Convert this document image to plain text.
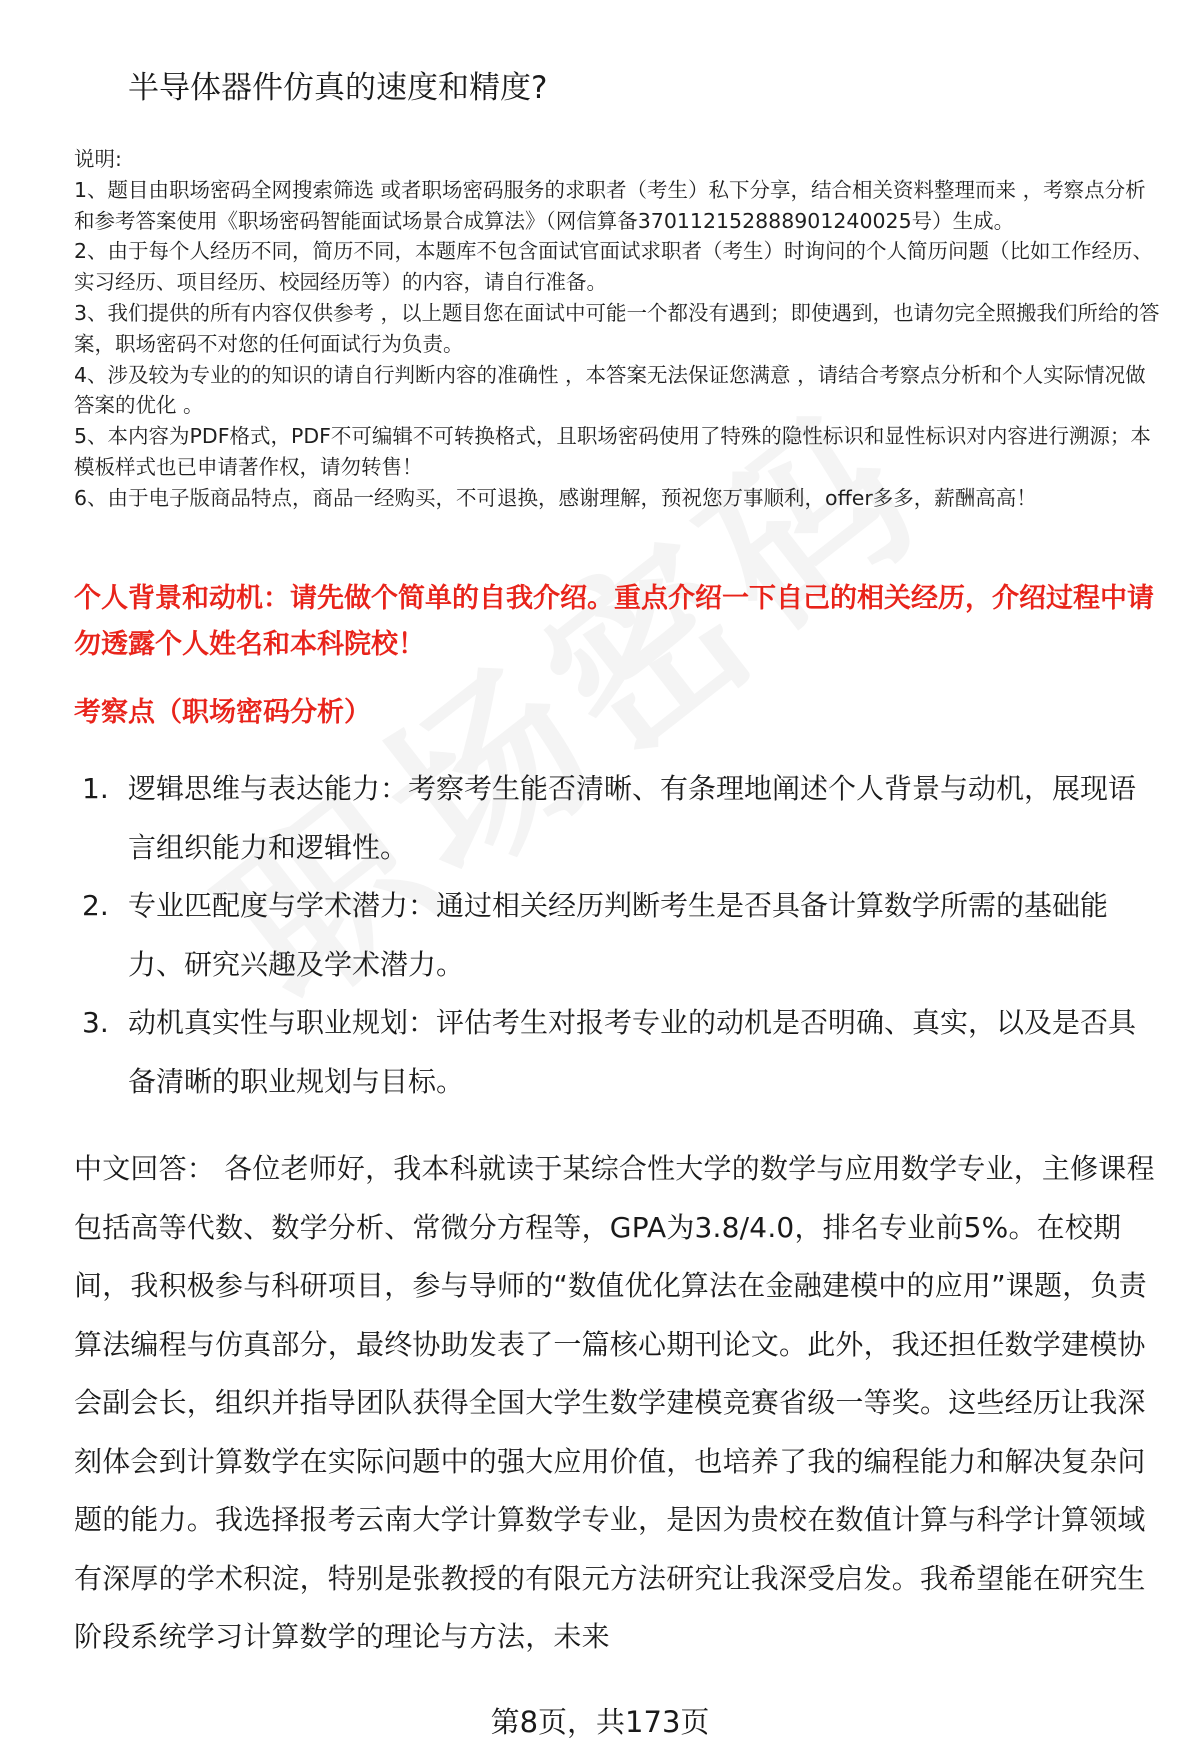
半导体器件仿真的速度和精度?

说明:

1、题目由职场密码全网搜索筛选 或者职场密码服务的求职者（考生）私下分享，结合相关资料整理而来 ，考察点分析和参考答案使用《职场密码智能面试场景合成算法》（网信算备370112152888901240025号）生成。

2、由于每个人经历不同，简历不同，本题库不包含面试官面试求职者（考生）时询问的个人简历问题（比如工作经历、实习经历、项目经历、校园经历等）的内容，请自行准备。

3、我们提供的所有内容仅供参考 ，以上题目您在面试中可能一个都没有遇到；即使遇到，也请勿完全照搬我们所给的答案，职场密码不对您的任何面试行为负责。

4、涉及较为专业的的知识的请自行判断内容的准确性 ，本答案无法保证您满意 ，请结合考察点分析和个人实际情况做答案的优化 。

5、本内容为PDF格式，PDF不可编辑不可转换格式，且职场密码使用了特殊的隐性标识和显性标识对内容进行溯源；本模板样式也已申请著作权，请勿转售！

6、由于电子版商品特点，商品一经购买，不可退换，感谢理解，预祝您万事顺利，offer多多，薪酬高高！

个人背景和动机：请先做个简单的自我介绍。重点介绍一下自己的相关经历，介绍过程中请勿透露个人姓名和本科院校！

考察点（职场密码分析）

1. 逻辑思维与表达能力：考察考生能否清晰、有条理地阐述个人背景与动机，展现语言组织能力和逻辑性。
2. 专业匹配度与学术潜力：通过相关经历判断考生是否具备计算数学所需的基础能力、研究兴趣及学术潜力。
3. 动机真实性与职业规划：评估考生对报考专业的动机是否明确、真实，以及是否具备清晰的职业规划与目标。

中文回答： 各位老师好，我本科就读于某综合性大学的数学与应用数学专业，主修课程包括高等代数、数学分析、常微分方程等，GPA为3.8/4.0，排名专业前5%。在校期间，我积极参与科研项目，参与导师的“数值优化算法在金融建模中的应用”课题，负责算法编程与仿真部分，最终协助发表了一篇核心期刊论文。此外，我还担任数学建模协会副会长，组织并指导团队获得全国大学生数学建模竞赛省级一等奖。这些经历让我深刻体会到计算数学在实际问题中的强大应用价值，也培养了我的编程能力和解决复杂问题的能力。我选择报考云南大学计算数学专业，是因为贵校在数值计算与科学计算领域有深厚的学术积淀，特别是张教授的有限元方法研究让我深受启发。我希望能在研究生阶段系统学习计算数学的理论与方法，未来

第8页，共173页
